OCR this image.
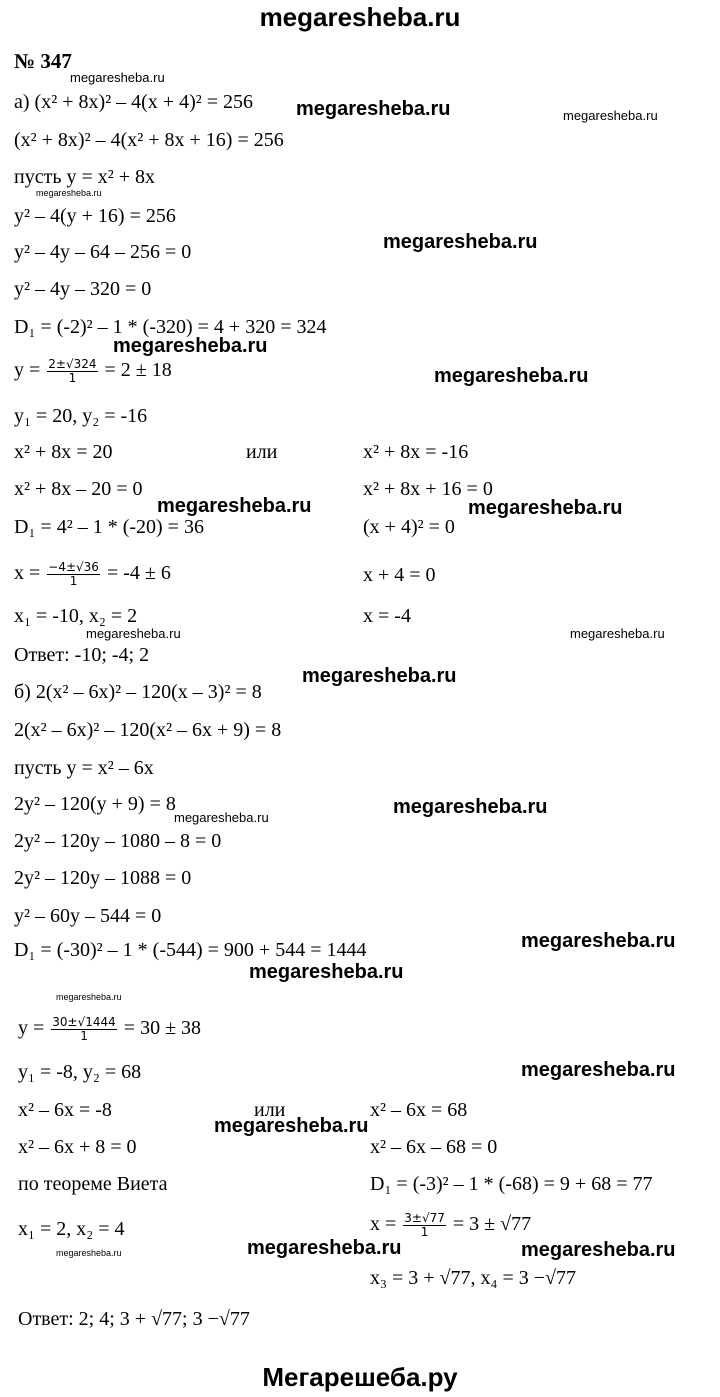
megaresheba.ru
Мегарешеба.ру
№ 347
а) (x² + 8x)² – 4(x + 4)² = 256
(x² + 8x)² – 4(x² + 8x + 16) = 256
пусть y = x² + 8x
y² – 4(y + 16) = 256
y² – 4y – 64 – 256 = 0
y² – 4y – 320 = 0
D₁ = (-2)² – 1 * (-320) = 4 + 320 = 324
$y = \frac{2\pm√324}{1} = 2 \pm 18$
y₁ = 20, y₂ = -16
x² + 8x = 20	или	x² + 8x = -16
x² + 8x – 20 = 0	x² + 8x + 16 = 0
D₁ = 4² – 1 * (-20) = 36	(x + 4)² = 0
$x = \frac{-4\pm√36}{1} = -4 \pm 6$	x + 4 = 0
x₁ = -10, x₂ = 2	x = -4
Ответ: -10; -4; 2
б) 2(x² – 6x)² – 120(x – 3)² = 8
2(x² – 6x)² – 120(x² – 6x + 9) = 8
пусть y = x² – 6x
2y² – 120(y + 9) = 8
2y² – 120y – 1080 – 8 = 0
2y² – 120y – 1088 = 0
y² – 60y – 544 = 0
D₁ = (-30)² – 1 * (-544) = 900 + 544 = 1444
$y = \frac{30\pm√1444}{1} = 30 \pm 38$
y₁ = -8, y₂ = 68
x² – 6x = -8	или	x² – 6x = 68
x² – 6x + 8 = 0	x² – 6x – 68 = 0
по теореме Виета	D₁ = (-3)² – 1 * (-68) = 9 + 68 = 77
x₁ = 2, x₂ = 4	$x = \frac{3\pm√77}{1} = 3 \pm √77$
x₃ = 3 + √77, x₄ = 3 −√77
Ответ: 2; 4; 3 + √77; 3 −√77
megaresheba.ru
megaresheba.ru
megaresheba.ru
megaresheba.ru
megaresheba.ru	megaresheba.ru
megaresheba.ru
megaresheba.ru
megaresheba.ru
megaresheba.ru
megaresheba.ru
megaresheba.ru
megaresheba.ru	megaresheba.ru
megaresheba.ru
megaresheba.ru
megaresheba.ru	megaresheba.ru
megaresheba.ru
megaresheba.ru
megaresheba.ru
megaresheba.ru
